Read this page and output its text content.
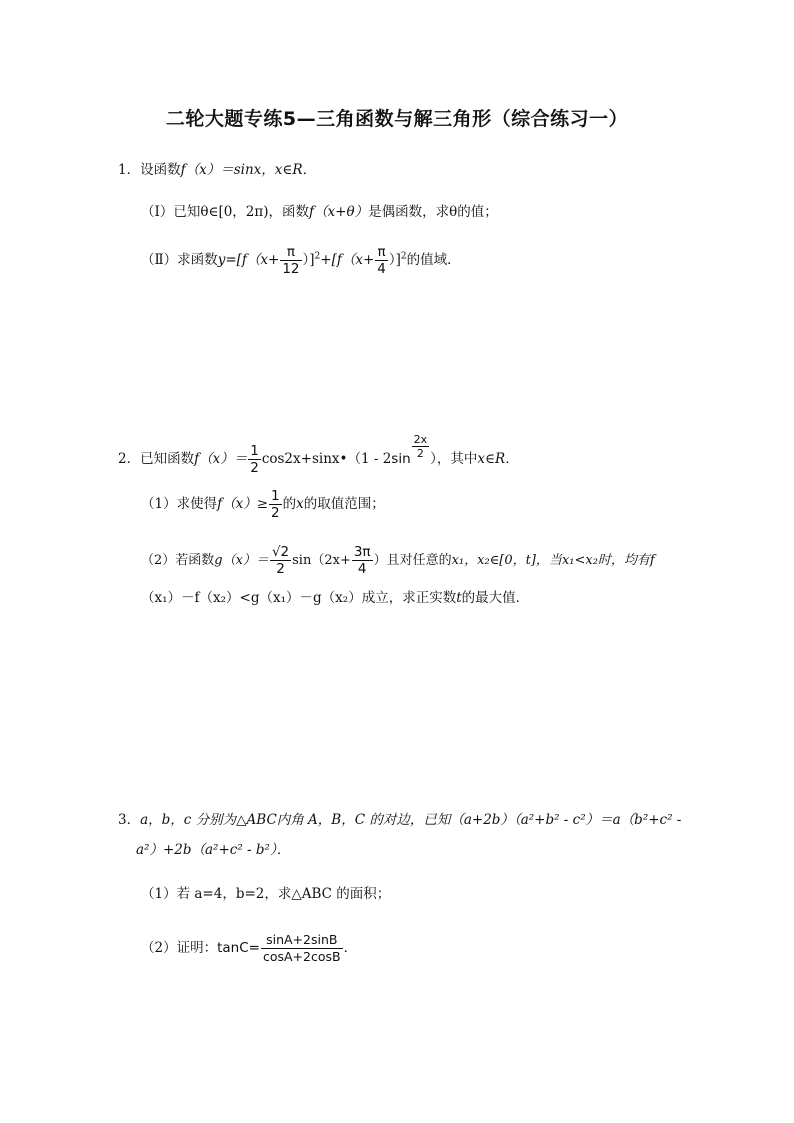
二轮大题专练5—三角函数与解三角形（综合练习一）
1．设函数f（x）＝sinx，x∈R．
（Ⅰ）已知θ∈[0，2π)，函数f（x+θ）是偶函数，求θ的值；
（Ⅱ）求函数$y=[f(x+ \frac{\pi}{12} )]^2+[f(x+ \frac{\pi}{4} )]^2$的值域．
2．已知函数$f(x)= \frac{1}{2}$ cos2x+sinx•（1 - $2\sin \frac{2x}{2}$ ），其中x∈R．
（1）求使得$f(x)\ge \frac{1}{2}$ 的x的取值范围；
（2）若函数$g(x)= \frac{√2}{2} \sin(2x+ \frac{3\pi}{4}$ ）且对任意的x₁，x₂∈[0，t]，当x₁<x₂时，均有f
（x₁）－f（x₂）<g（x₁）－g（x₂）成立，求正实数t的最大值．
3．a，b，c 分别为△ABC内角 A，B，C 的对边，已知（a+2b）（a²+b² - c²）＝a（b²+c² -
a²）+2b（a²+c² - b²）．
（1）若 a=4，b=2，求△ABC 的面积；
（2）证明：$\tan C= \frac{\sin A+2\sin B}{\cos A+2\cos B}$ ．
